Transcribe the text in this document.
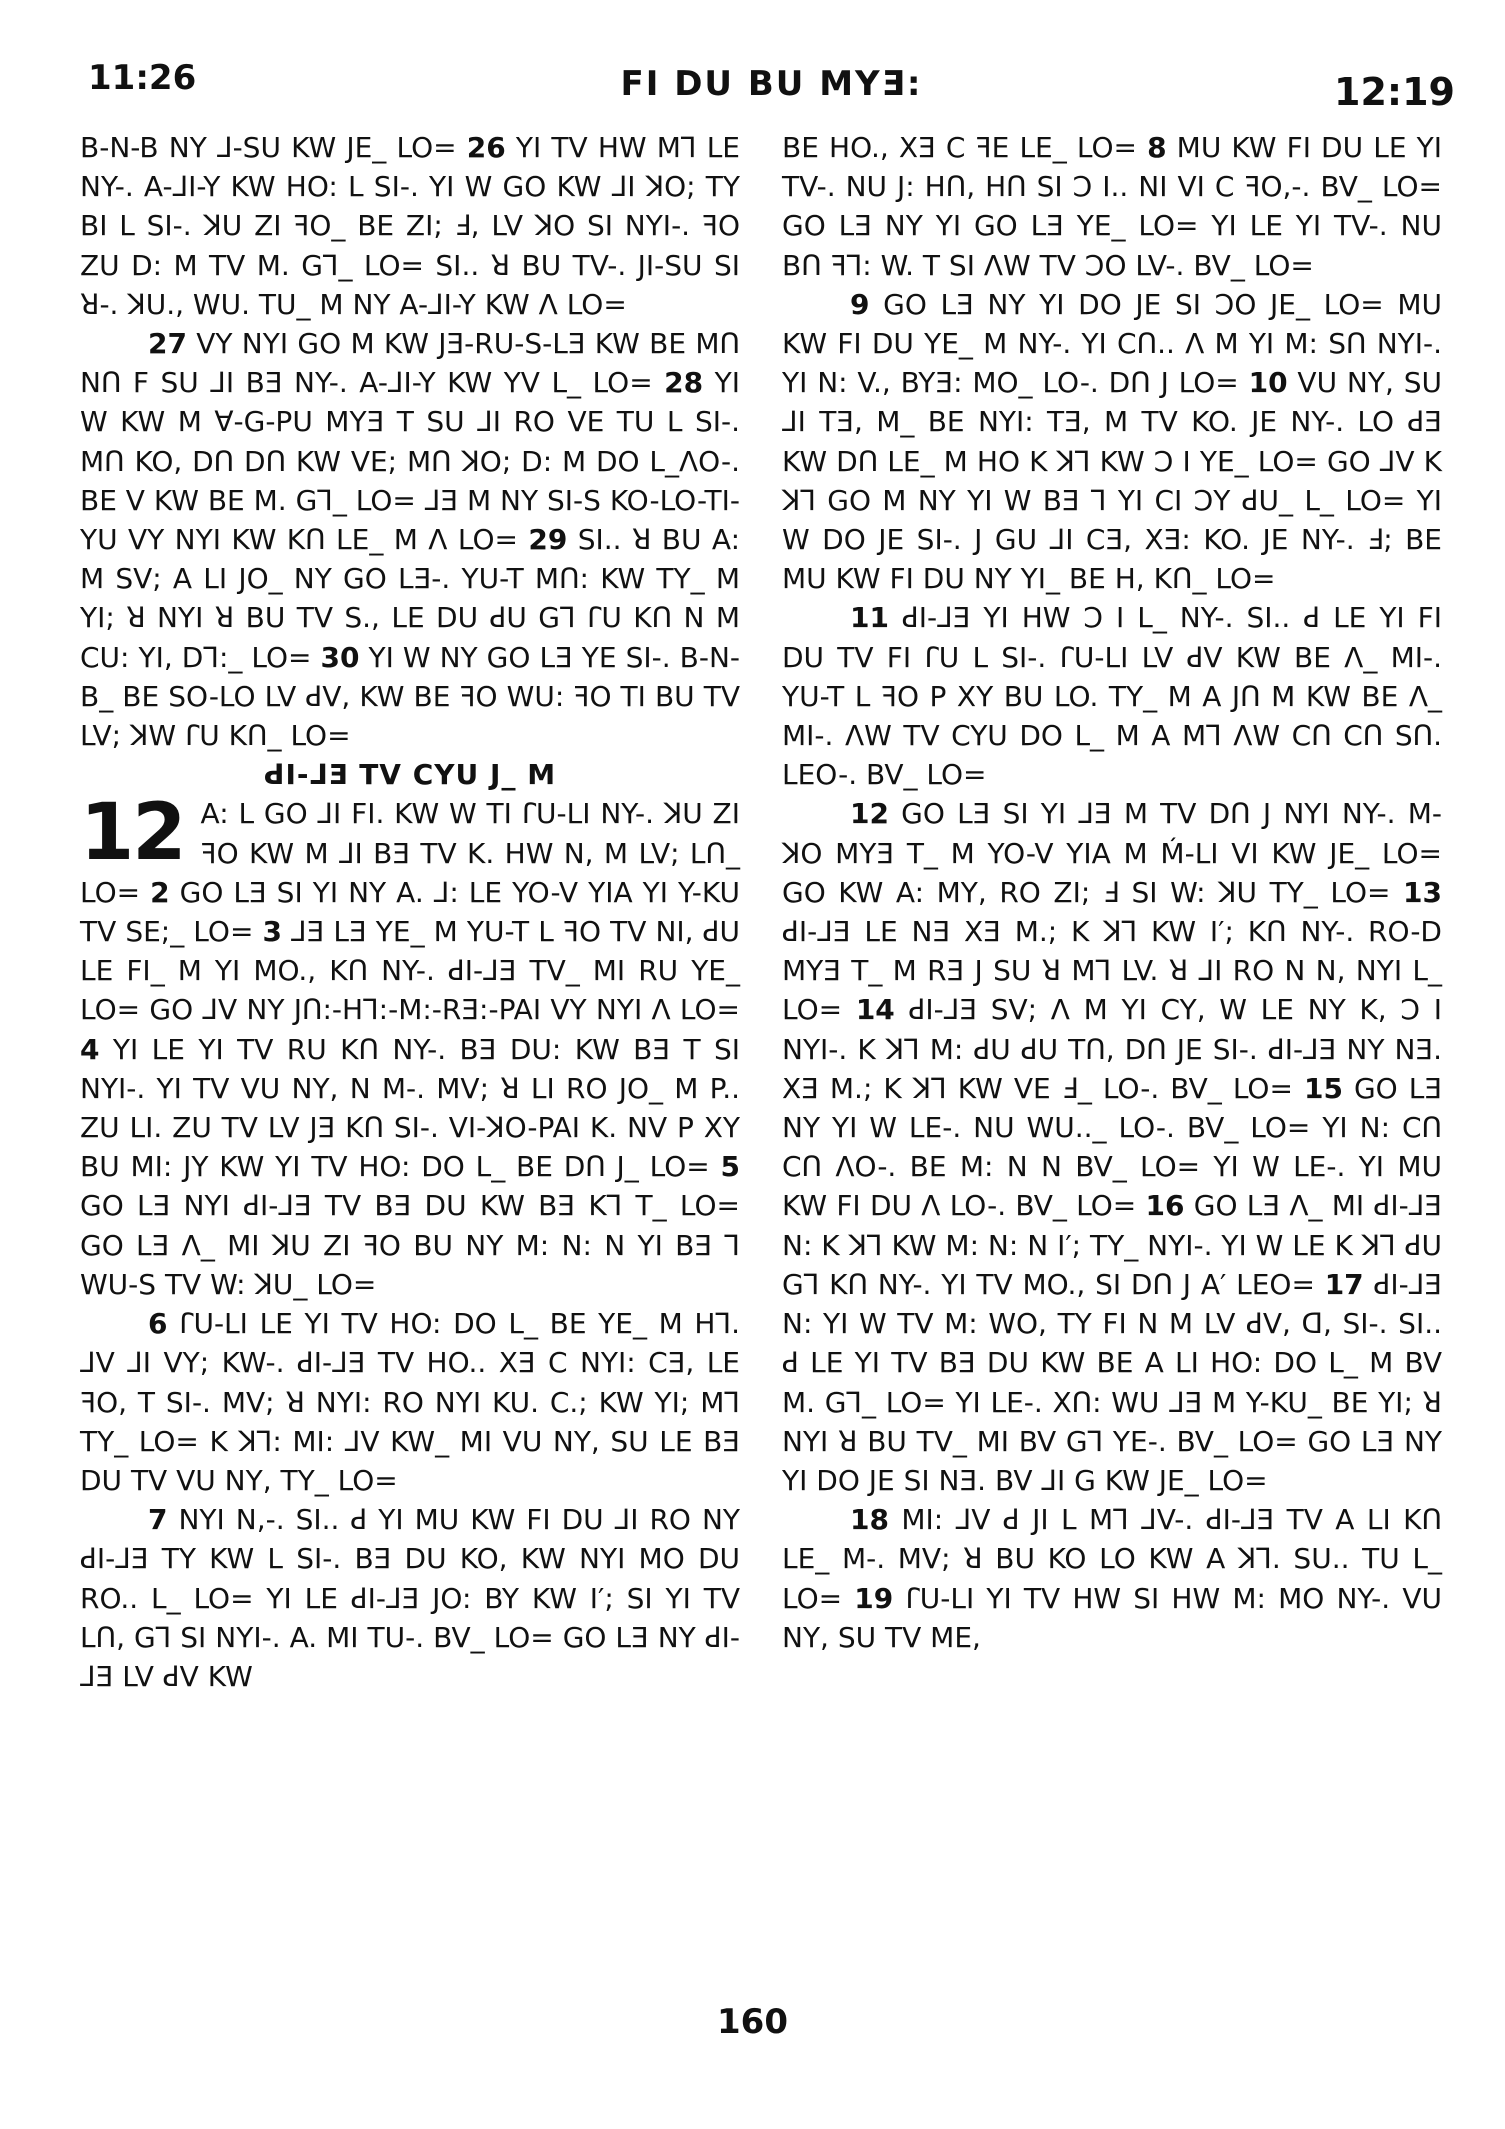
11:26	FI DU BU MYƎ:	12:19

B-N-B NY ⅃-SU KW JE_ LO= 26 YI TV HW M⅂ LE NY-. A-⅃I-Y KW HO: L SI-. YI W GO KW ⅃I ꓘO; TY BI L SI-. ꓘU ZI ꟻO_ BE ZI; Ⅎ, LV ꓘO SI NYI-. ꟻO ZU D: M TV M. G⅂_ LO= SI.. ꓤ BU TV-. JI-SU SI ꓤ-. ꓘU., WU. TU_ M NY A-⅃I-Y KW Λ LO=

27 VY NYI GO M KW JƎ-RU-S-LƎ KW BE Mꓵ Nꓵ F SU ⅃I BƎ NY-. A-⅃I-Y KW YV L_ LO= 28 YI W KW M ꓯ-G-PU MYƎ T SU ⅃I RO VE TU L SI-. Mꓵ KO, Dꓵ Dꓵ KW VE; Mꓵ ꓘO; D: M DO L_ΛO-. BE V KW BE M. G⅂_ LO= ⅃Ǝ M NY SI-S KO-LO-TI-YU VY NYI KW Kꓵ LE_ M Λ LO= 29 SI.. ꓤ BU A: M SV; A LI JO_ NY GO LƎ-. YU-T Mꓵ: KW TY_ M YI; ꓤ NYI ꓤ BU TV S., LE DU ꓒU G⅂ ꓩU Kꓵ N M CU: YI, D⅂:_ LO= 30 YI W NY GO LƎ YE SI-. B-N-B_ BE SO-LO LV ꓒV, KW BE ꟻO WU: ꟻO TI BU TV LV; ꓘW ꓩU Kꓵ_ LO=

ꓒI-⅃Ǝ TV CYU J_ M

12 A: L GO ⅃I FI. KW W TI ꓩU-LI NY-. ꓘU ZI ꟻO KW M ⅃I BƎ TV K. HW N, M LV; Lꓵ_ LO= 2 GO LƎ SI YI NY A. ⅃: LE YO-V YIA YI Y-KU TV SE;_ LO= 3 ⅃Ǝ LƎ YE_ M YU-T L ꟻO TV NI, ꓒU LE FI_ M YI MO., Kꓵ NY-. ꓒI-⅃Ǝ TV_ MI RU YE_ LO= GO ⅃V NY Jꓵ:-H⅂:-M:-RƎ:-PAI VY NYI Λ LO= 4 YI LE YI TV RU Kꓵ NY-. BƎ DU: KW BƎ T SI NYI-. YI TV VU NY, N M-. MV; ꓤ LI RO JO_ M P.. ZU LI. ZU TV LV JƎ Kꓵ SI-. VI-ꓘO-PAI K. NV P XY BU MI: JY KW YI TV HO: DO L_ BE Dꓵ J_ LO= 5 GO LƎ NYI ꓒI-⅃Ǝ TV BƎ DU KW BƎ K⅂ T_ LO= GO LƎ Λ_ MI ꓘU ZI ꟻO BU NY M: N: N YI BƎ ⅂ WU-S TV W: ꓘU_ LO=

6 ꓩU-LI LE YI TV HO: DO L_ BE YE_ M H⅂. ⅃V ⅃I VY; KW-. ꓒI-⅃Ǝ TV HO.. XƎ C NYI: CƎ, LE ꟻO, T SI-. MV; ꓤ NYI: RO NYI KU. C.; KW YI; M⅂ TY_ LO= K ꓘ⅂: MI: ⅃V KW_ MI VU NY, SU LE BƎ DU TV VU NY, TY_ LO=

7 NYI N,-. SI.. ꓒ YI MU KW FI DU ⅃I RO NY ꓒI-⅃Ǝ TY KW L SI-. BƎ DU KO, KW NYI MO DU RO.. L_ LO= YI LE ꓒI-⅃Ǝ JO: BY KW I′; SI YI TV Lꓵ, G⅂ SI NYI-. A. MI TU-. BV_ LO= GO LƎ NY ꓒI-⅃Ǝ LV ꓒV KW

BE HO., XƎ C ꟻE LE_ LO= 8 MU KW FI DU LE YI TV-. NU J: Hꓵ, Hꓵ SI Ↄ I.. NI VI C ꟻO,-. BV_ LO= GO LƎ NY YI GO LƎ YE_ LO= YI LE YI TV-. NU Bꓵ ꟻ⅂: W. T SI ΛW TV ↃO LV-. BV_ LO=

9 GO LƎ NY YI DO JE SI ↃO JE_ LO= MU KW FI DU YE_ M NY-. YI Cꓵ.. Λ M YI M: Sꓵ NYI-. YI N: V., BYƎ: MO_ LO-. Dꓵ J LO= 10 VU NY, SU ⅃I TƎ, M_ BE NYI: TƎ, M TV KO. JE NY-. LO ꓒƎ KW Dꓵ LE_ M HO K ꓘ⅂ KW Ↄ I YE_ LO= GO ⅃V K ꓘ⅂ GO M NY YI W BƎ ⅂ YI CI ↃY ꓒU_ L_ LO= YI W DO JE SI-. J GU ⅃I CƎ, XƎ: KO. JE NY-. Ⅎ; BE MU KW FI DU NY YI_ BE H, Kꓵ_ LO=

11 ꓒI-⅃Ǝ YI HW Ↄ I L_ NY-. SI.. ꓒ LE YI FI DU TV FI ꓩU L SI-. ꓩU-LI LV ꓒV KW BE Λ_ MI-. YU-T L ꟻO P XY BU LO. TY_ M A Jꓵ M KW BE Λ_ MI-. ΛW TV CYU DO L_ M A M⅂ ΛW Cꓵ Cꓵ Sꓵ. LEO-. BV_ LO=

12 GO LƎ SI YI ⅃Ǝ M TV Dꓵ J NYI NY-. M-ꓘO MYƎ T_ M YO-V YIA M Ḿ-LI VI KW JE_ LO= GO KW A: MY, RO ZI; Ⅎ SI W: ꓘU TY_ LO= 13 ꓒI-⅃Ǝ LE NƎ XƎ M.; K ꓘ⅂ KW I′; Kꓵ NY-. RO-D MYƎ T_ M RƎ J SU ꓤ M⅂ LV. ꓤ ⅃I RO N N, NYI L_ LO= 14 ꓒI-⅃Ǝ SV; Λ M YI CY, W LE NY K, Ↄ I NYI-. K ꓘ⅂ M: ꓒU ꓒU Tꓵ, Dꓵ JE SI-. ꓒI-⅃Ǝ NY NƎ. XƎ M.; K ꓘ⅂ KW VE Ⅎ_ LO-. BV_ LO= 15 GO LƎ NY YI W LE-. NU WU.._ LO-. BV_ LO= YI N: Cꓵ Cꓵ ΛO-. BE M: N N BV_ LO= YI W LE-. YI MU KW FI DU Λ LO-. BV_ LO= 16 GO LƎ Λ_ MI ꓒI-⅃Ǝ N: K ꓘ⅂ KW M: N: N I′; TY_ NYI-. YI W LE K ꓘ⅂ ꓒU G⅂ Kꓵ NY-. YI TV MO., SI Dꓵ J A′ LEO= 17 ꓒI-⅃Ǝ N: YI W TV M: WO, TY FI N M LV ꓒV, ꓷ, SI-. SI.. ꓒ LE YI TV BƎ DU KW BE A LI HO: DO L_ M BV M. G⅂_ LO= YI LE-. Xꓵ: WU ⅃Ǝ M Y-KU_ BE YI; ꓤ NYI ꓤ BU TV_ MI BV G⅂ YE-. BV_ LO= GO LƎ NY YI DO JE SI NƎ. BV ⅃I G KW JE_ LO=

18 MI: ⅃V ꓒ JI L M⅂ ⅃V-. ꓒI-⅃Ǝ TV A LI Kꓵ LE_ M-. MV; ꓤ BU KO LO KW A ꓘ⅂. SU.. TU L_ LO= 19 ꓩU-LI YI TV HW SI HW M: MO NY-. VU NY, SU TV ME,

160
